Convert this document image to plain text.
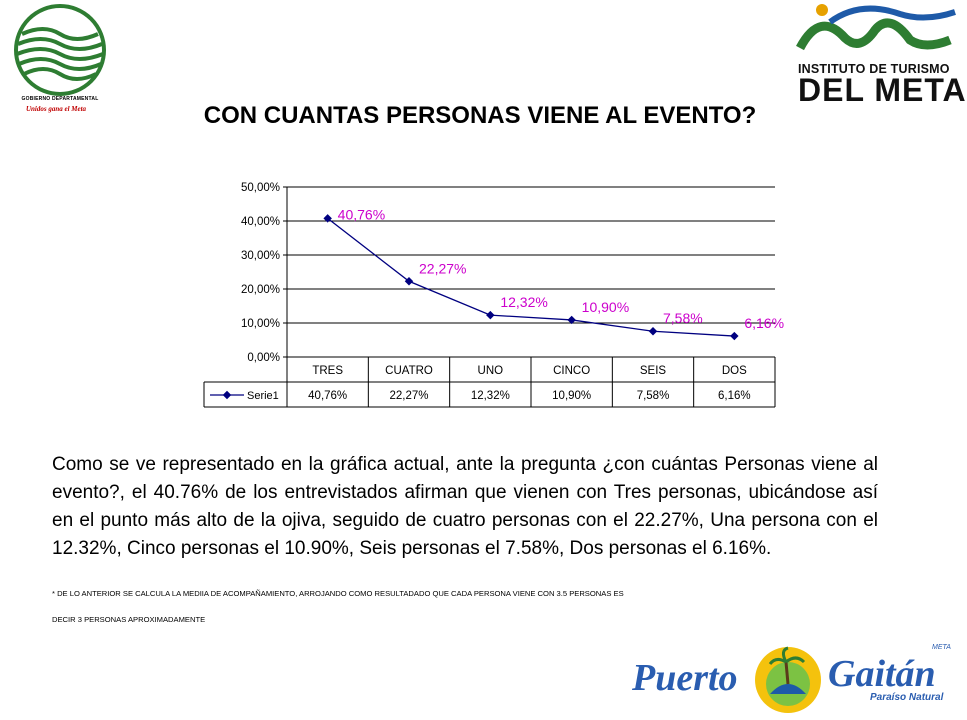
GOBIERNO DEPARTAMENTAL
Unidos gana el Meta
INSTITUTO DE TURISMO
DEL META
CON CUANTAS PERSONAS VIENE AL EVENTO?
0,00%
10,00%
20,00%
30,00%
40,00%
50,00%
TRES
40,76%
CUATRO
22,27%
UNO
12,32%
CINCO
10,90%
SEIS
7,58%
DOS
6,16%
Serie1
40,76%
22,27%
12,32% 10,90%
7,58%	6,16%

Como se ve representado en la gráfica actual, ante la pregunta ¿con cuántas Personas viene al evento?, el 40.76% de los entrevistados afirman que vienen con Tres personas, ubicándose así en el punto más alto de la ojiva, seguido de cuatro personas con el 22.27%, Una persona con el 12.32%, Cinco personas el 10.90%, Seis personas el 7.58%, Dos personas el 6.16%.

* DE LO ANTERIOR SE CALCULA LA MEDIIA DE ACOMPAÑAMIENTO, ARROJANDO COMO RESULTADADO QUE CADA PERSONA VIENE CON 3.5 PERSONAS ES
DECIR 3 PERSONAS APROXIMADAMENTE
Puerto Gaitán
META
Paraíso Natural
